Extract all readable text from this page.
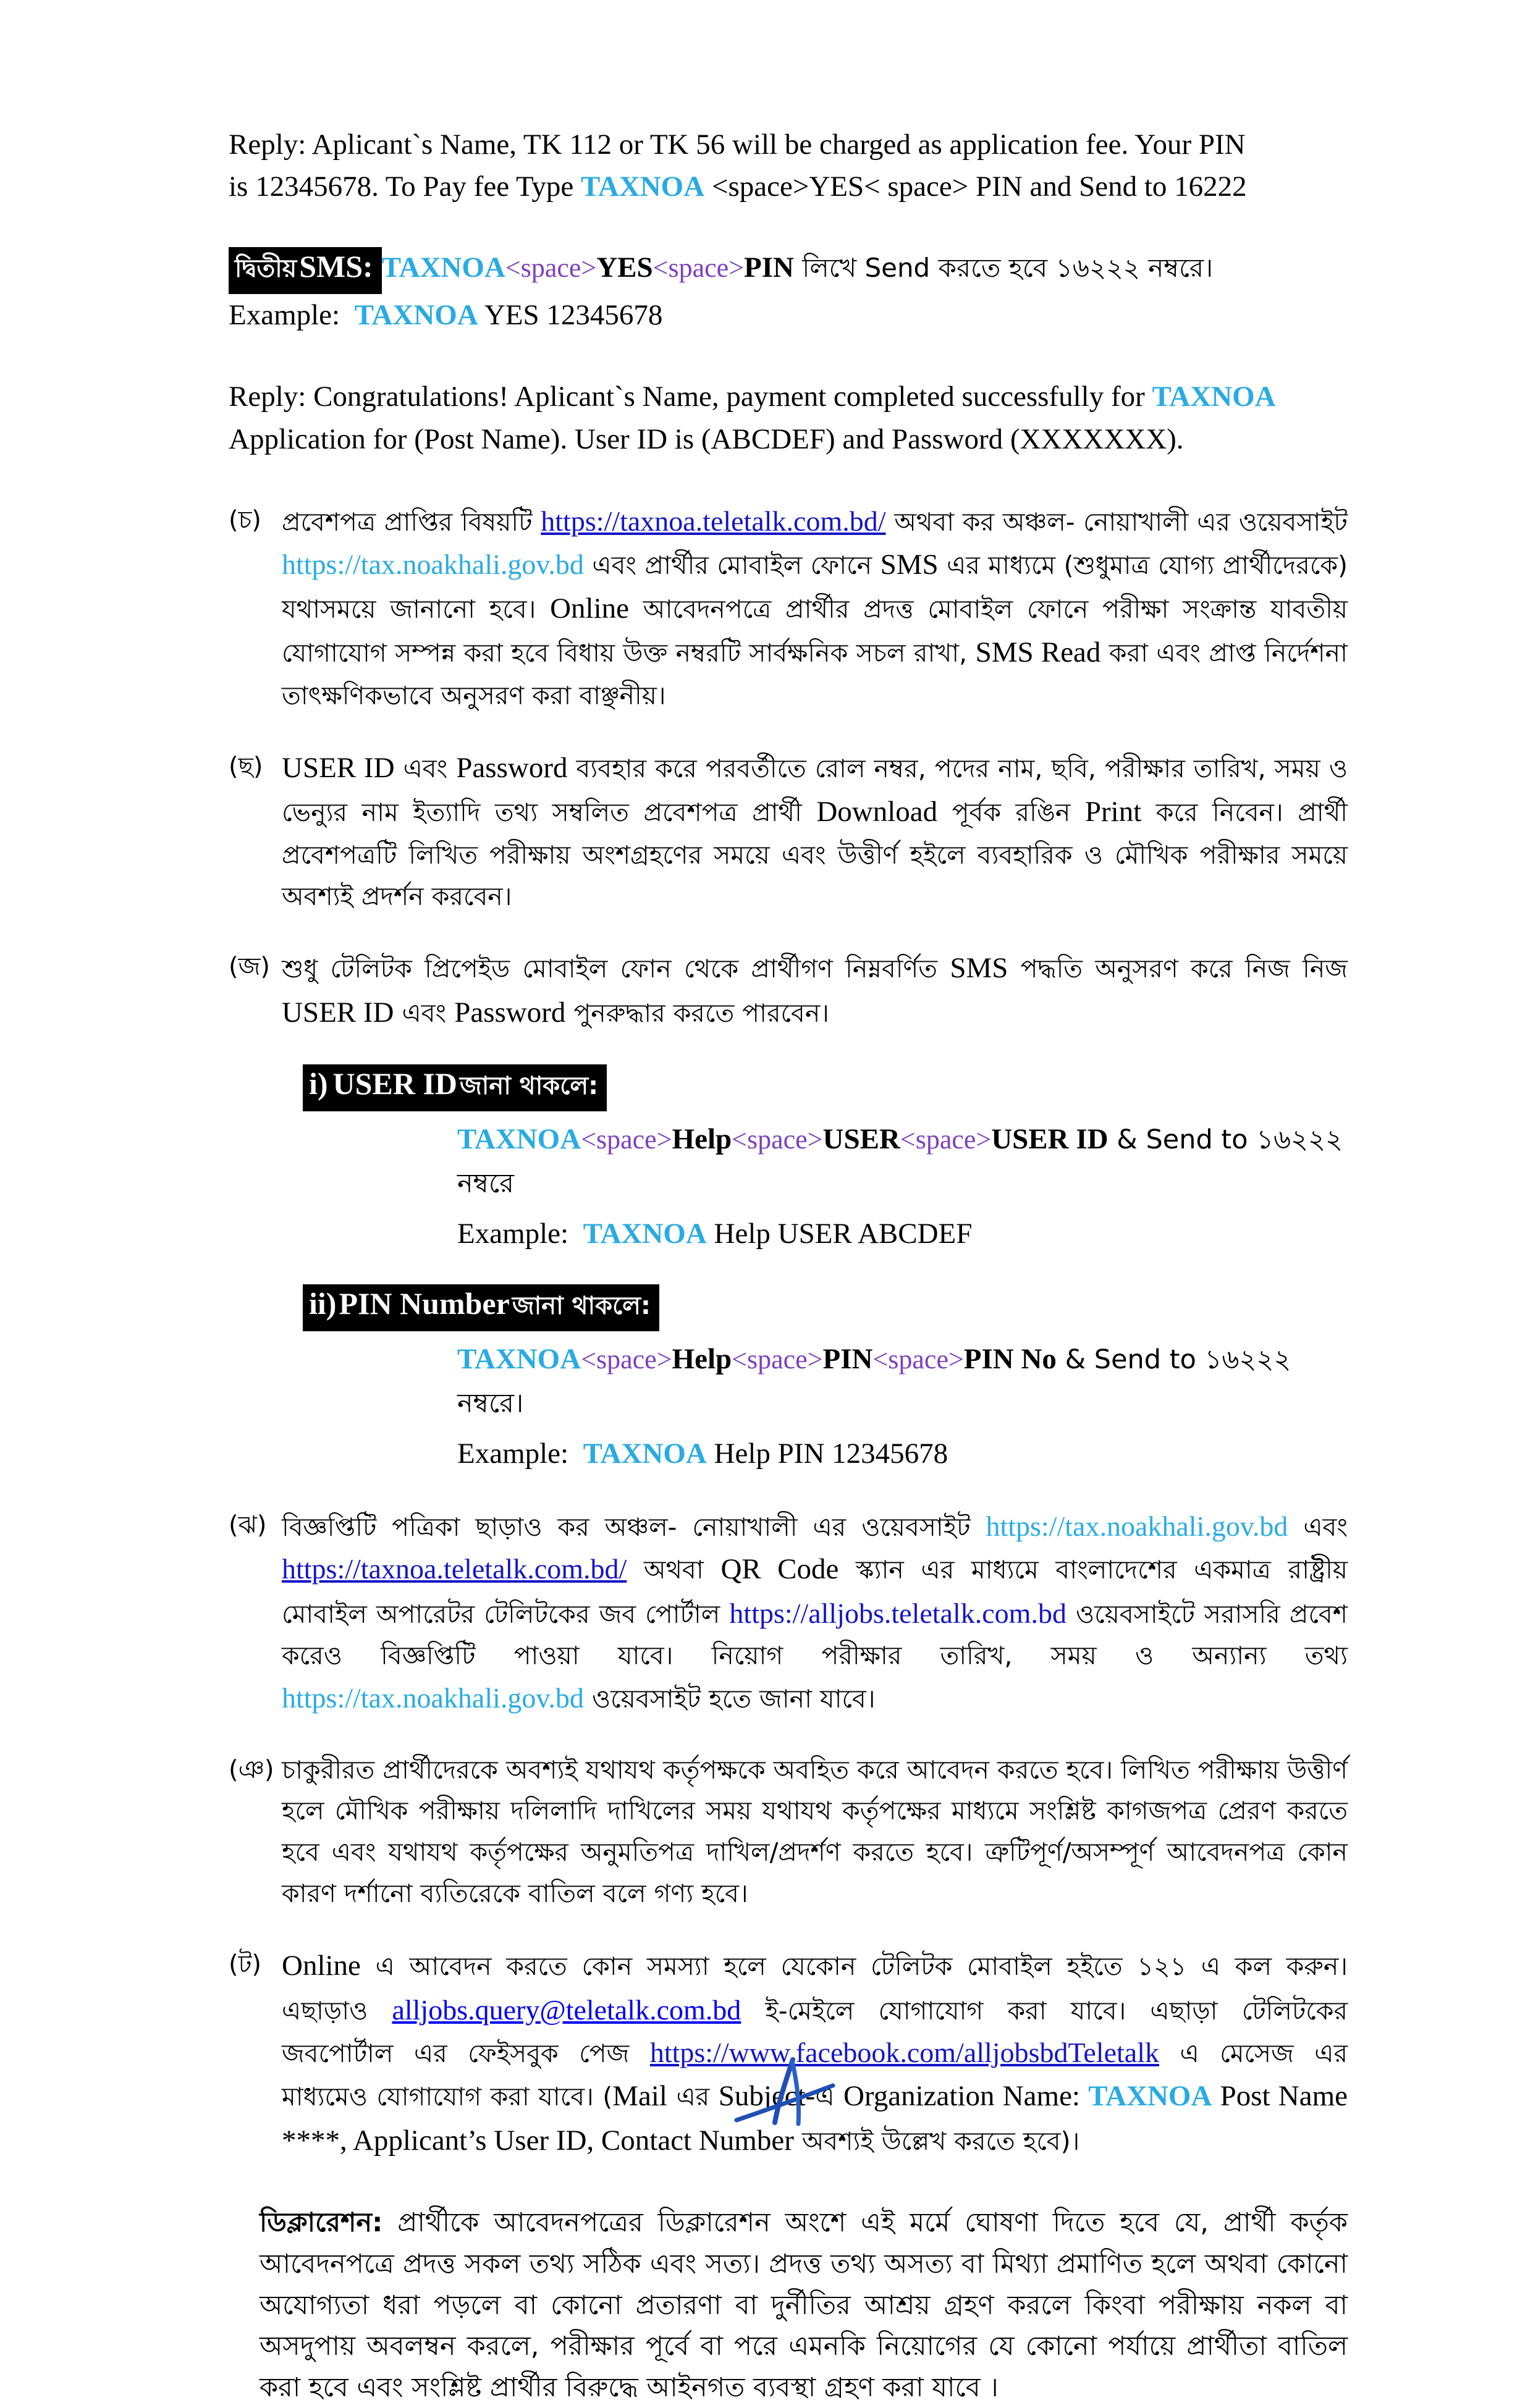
Reply: Aplicant`s Name, TK 112 or TK 56 will be charged as application fee. Your PIN
is 12345678. To Pay fee Type TAXNOA <space>YES< space> PIN and Send to 16222
দ্বিতীয় SMS: TAXNOA<space>YES<space>PIN লিখে Send করতে হবে ১৬২২২ নম্বরে।
Example: TAXNOA YES 12345678
Reply: Congratulations! Aplicant`s Name, payment completed successfully for TAXNOA
Application for (Post Name). User ID is (ABCDEF) and Password (XXXXXXX).
(চ) প্রবেশপত্র প্রাপ্তির বিষয়টি https://taxnoa.teletalk.com.bd/ অথবা কর অঞ্চল- নোয়াখালী এর ওয়েবসাইট https://tax.noakhali.gov.bd এবং প্রার্থীর মোবাইল ফোনে SMS এর মাধ্যমে (শুধুমাত্র যোগ্য প্রার্থীদেরকে) যথাসময়ে জানানো হবে। Online আবেদনপত্রে প্রার্থীর প্রদত্ত মোবাইল ফোনে পরীক্ষা সংক্রান্ত যাবতীয় যোগাযোগ সম্পন্ন করা হবে বিধায় উক্ত নম্বরটি সার্বক্ষনিক সচল রাখা, SMS Read করা এবং প্রাপ্ত নির্দেশনা তাৎক্ষণিকভাবে অনুসরণ করা বাঞ্ছনীয়।
(ছ) USER ID এবং Password ব্যবহার করে পরবর্তীতে রোল নম্বর, পদের নাম, ছবি, পরীক্ষার তারিখ, সময় ও ভেন্যুর নাম ইত্যাদি তথ্য সম্বলিত প্রবেশপত্র প্রার্থী Download পূর্বক রঙিন Print করে নিবেন। প্রার্থী প্রবেশপত্রটি লিখিত পরীক্ষায় অংশগ্রহণের সময়ে এবং উত্তীর্ণ হইলে ব্যবহারিক ও মৌখিক পরীক্ষার সময়ে অবশ্যই প্রদর্শন করবেন।
(জ) শুধু টেলিটক প্রিপেইড মোবাইল ফোন থেকে প্রার্থীগণ নিম্নবর্ণিত SMS পদ্ধতি অনুসরণ করে নিজ নিজ USER ID এবং Password পুনরুদ্ধার করতে পারবেন।
i) USER ID জানা থাকলে:
TAXNOA<space>Help<space>USER<space>USER ID & Send to ১৬২২২ নম্বরে
Example: TAXNOA Help USER ABCDEF
ii) PIN Number জানা থাকলে:
TAXNOA<space>Help<space>PIN<space>PIN No & Send to ১৬২২২ নম্বরে।
Example: TAXNOA Help PIN 12345678
(ঝ) বিজ্ঞপ্তিটি পত্রিকা ছাড়াও কর অঞ্চল- নোয়াখালী এর ওয়েবসাইট https://tax.noakhali.gov.bd এবং https://taxnoa.teletalk.com.bd/ অথবা QR Code স্ক্যান এর মাধ্যমে বাংলাদেশের একমাত্র রাষ্ট্রীয় মোবাইল অপারেটর টেলিটকের জব পোর্টাল https://alljobs.teletalk.com.bd ওয়েবসাইটে সরাসরি প্রবেশ করেও বিজ্ঞপ্তিটি পাওয়া যাবে। নিয়োগ পরীক্ষার তারিখ, সময় ও অন্যান্য তথ্য https://tax.noakhali.gov.bd ওয়েবসাইট হতে জানা যাবে।
(ঞ) চাকুরীরত প্রার্থীদেরকে অবশ্যই যথাযথ কর্তৃপক্ষকে অবহিত করে আবেদন করতে হবে। লিখিত পরীক্ষায় উত্তীর্ণ হলে মৌখিক পরীক্ষায় দলিলাদি দাখিলের সময় যথাযথ কর্তৃপক্ষের মাধ্যমে সংশ্লিষ্ট কাগজপত্র প্রেরণ করতে হবে এবং যথাযথ কর্তৃপক্ষের অনুমতিপত্র দাখিল/প্রদর্শণ করতে হবে। ত্রুটিপূর্ণ/অসম্পূর্ণ আবেদনপত্র কোন কারণ দর্শানো ব্যতিরেকে বাতিল বলে গণ্য হবে।
(ট) Online এ আবেদন করতে কোন সমস্যা হলে যেকোন টেলিটক মোবাইল হইতে ১২১ এ কল করুন। এছাড়াও alljobs.query@teletalk.com.bd ই-মেইলে যোগাযোগ করা যাবে। এছাড়া টেলিটকের জবপোর্টাল এর ফেইসবুক পেজ https://www.facebook.com/alljobsbdTeletalk এ মেসেজ এর মাধ্যমেও যোগাযোগ করা যাবে। (Mail এর Subject-এ Organization Name: TAXNOA Post Name ****, Applicant’s User ID, Contact Number অবশ্যই উল্লেখ করতে হবে)।
ডিক্লারেশন: প্রার্থীকে আবেদনপত্রের ডিক্লারেশন অংশে এই মর্মে ঘোষণা দিতে হবে যে, প্রার্থী কর্তৃক আবেদনপত্রে প্রদত্ত সকল তথ্য সঠিক এবং সত্য। প্রদত্ত তথ্য অসত্য বা মিথ্যা প্রমাণিত হলে অথবা কোনো অযোগ্যতা ধরা পড়লে বা কোনো প্রতারণা বা দুর্নীতির আশ্রয় গ্রহণ করলে কিংবা পরীক্ষায় নকল বা অসদুপায় অবলম্বন করলে, পরীক্ষার পূর্বে বা পরে এমনকি নিয়োগের যে কোনো পর্যায়ে প্রার্থীতা বাতিল করা হবে এবং সংশ্লিষ্ট প্রার্থীর বিরুদ্ধে আইনগত ব্যবস্থা গ্রহণ করা যাবে ।
